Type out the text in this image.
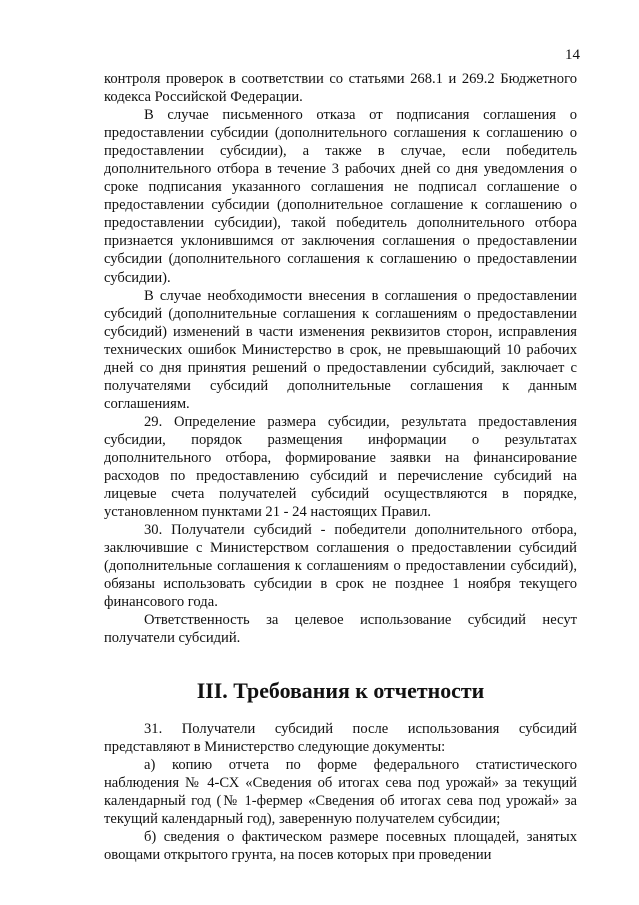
14

контроля проверок в соответствии со статьями 268.1 и 269.2 Бюджетного кодекса Российской Федерации.

В случае письменного отказа от подписания соглашения о предоставлении субсидии (дополнительного соглашения к соглашению о предоставлении субсидии), а также в случае, если победитель дополнительного отбора в течение 3 рабочих дней со дня уведомления о сроке подписания указанного соглашения не подписал соглашение о предоставлении субсидии (дополнительное соглашение к соглашению о предоставлении субсидии), такой победитель дополнительного отбора признается уклонившимся от заключения соглашения о предоставлении субсидии (дополнительного соглашения к соглашению о предоставлении субсидии).

В случае необходимости внесения в соглашения о предоставлении субсидий (дополнительные соглашения к соглашениям о предоставлении субсидий) изменений в части изменения реквизитов сторон, исправления технических ошибок Министерство в срок, не превышающий 10 рабочих дней со дня принятия решений о предоставлении субсидий, заключает с получателями субсидий дополнительные соглашения к данным соглашениям.

29. Определение размера субсидии, результата предоставления субсидии, порядок размещения информации о результатах дополнительного отбора, формирование заявки на финансирование расходов по предоставлению субсидий и перечисление субсидий на лицевые счета получателей субсидий осуществляются в порядке, установленном пунктами 21 - 24 настоящих Правил.

30. Получатели субсидий - победители дополнительного отбора, заключившие с Министерством соглашения о предоставлении субсидий (дополнительные соглашения к соглашениям о предоставлении субсидий), обязаны использовать субсидии в срок не позднее 1 ноября текущего финансового года.

Ответственность за целевое использование субсидий несут получатели субсидий.

III. Требования к отчетности

31. Получатели субсидий после использования субсидий представляют в Министерство следующие документы:

а) копию отчета по форме федерального статистического наблюдения № 4-СХ «Сведения об итогах сева под урожай» за текущий календарный год (№ 1-фермер «Сведения об итогах сева под урожай» за текущий календарный год), заверенную получателем субсидии;

б) сведения о фактическом размере посевных площадей, занятых овощами открытого грунта, на посев которых при проведении
